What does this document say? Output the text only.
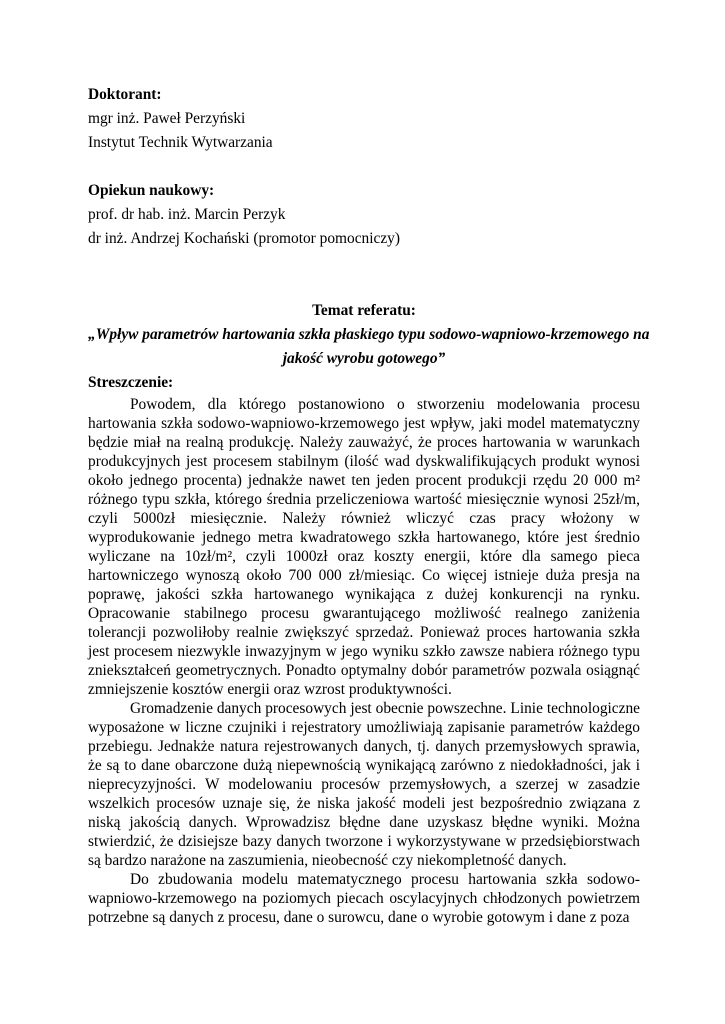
Doktorant:
mgr inż. Paweł Perzyński
Instytut Technik Wytwarzania
Opiekun naukowy:
prof. dr hab. inż. Marcin Perzyk
dr inż. Andrzej Kochański (promotor pomocniczy)
Temat referatu:
„Wpływ parametrów hartowania szkła płaskiego typu sodowo-wapniowo-krzemowego na
jakość wyrobu gotowego”
Streszczenie:

Powodem, dla którego postanowiono o stworzeniu modelowania procesu hartowania szkła sodowo-wapniowo-krzemowego jest wpływ, jaki model matematyczny będzie miał na realną produkcję. Należy zauważyć, że proces hartowania w warunkach produkcyjnych jest procesem stabilnym (ilość wad dyskwalifikujących produkt wynosi około jednego procenta) jednakże nawet ten jeden procent produkcji rzędu 20 000 m² różnego typu szkła, którego średnia przeliczeniowa wartość miesięcznie wynosi 25zł/m, czyli 5000zł miesięcznie. Należy również wliczyć czas pracy włożony w wyprodukowanie jednego metra kwadratowego szkła hartowanego, które jest średnio wyliczane na 10zł/m², czyli 1000zł oraz koszty energii, które dla samego pieca hartowniczego wynoszą około 700 000 zł/miesiąc. Co więcej istnieje duża presja na poprawę, jakości szkła hartowanego wynikająca z dużej konkurencji na rynku. Opracowanie stabilnego procesu gwarantującego możliwość realnego zaniżenia tolerancji pozwoliłoby realnie zwiększyć sprzedaż. Ponieważ proces hartowania szkła jest procesem niezwykle inwazyjnym w jego wyniku szkło zawsze nabiera różnego typu zniekształceń geometrycznych. Ponadto optymalny dobór parametrów pozwala osiągnąć zmniejszenie kosztów energii oraz wzrost produktywności.

Gromadzenie danych procesowych jest obecnie powszechne. Linie technologiczne wyposażone w liczne czujniki i rejestratory umożliwiają zapisanie parametrów każdego przebiegu. Jednakże natura rejestrowanych danych, tj. danych przemysłowych sprawia, że są to dane obarczone dużą niepewnością wynikającą zarówno z niedokładności, jak i nieprecyzyjności. W modelowaniu procesów przemysłowych, a szerzej w zasadzie wszelkich procesów uznaje się, że niska jakość modeli jest bezpośrednio związana z niską jakością danych. Wprowadzisz błędne dane uzyskasz błędne wyniki. Można stwierdzić, że dzisiejsze bazy danych tworzone i wykorzystywane w przedsiębiorstwach są bardzo narażone na zaszumienia, nieobecność czy niekompletność danych.

Do zbudowania modelu matematycznego procesu hartowania szkła sodowo-wapniowo-krzemowego na poziomych piecach oscylacyjnych chłodzonych powietrzem potrzebne są danych z procesu, dane o surowcu, dane o wyrobie gotowym i dane z poza
